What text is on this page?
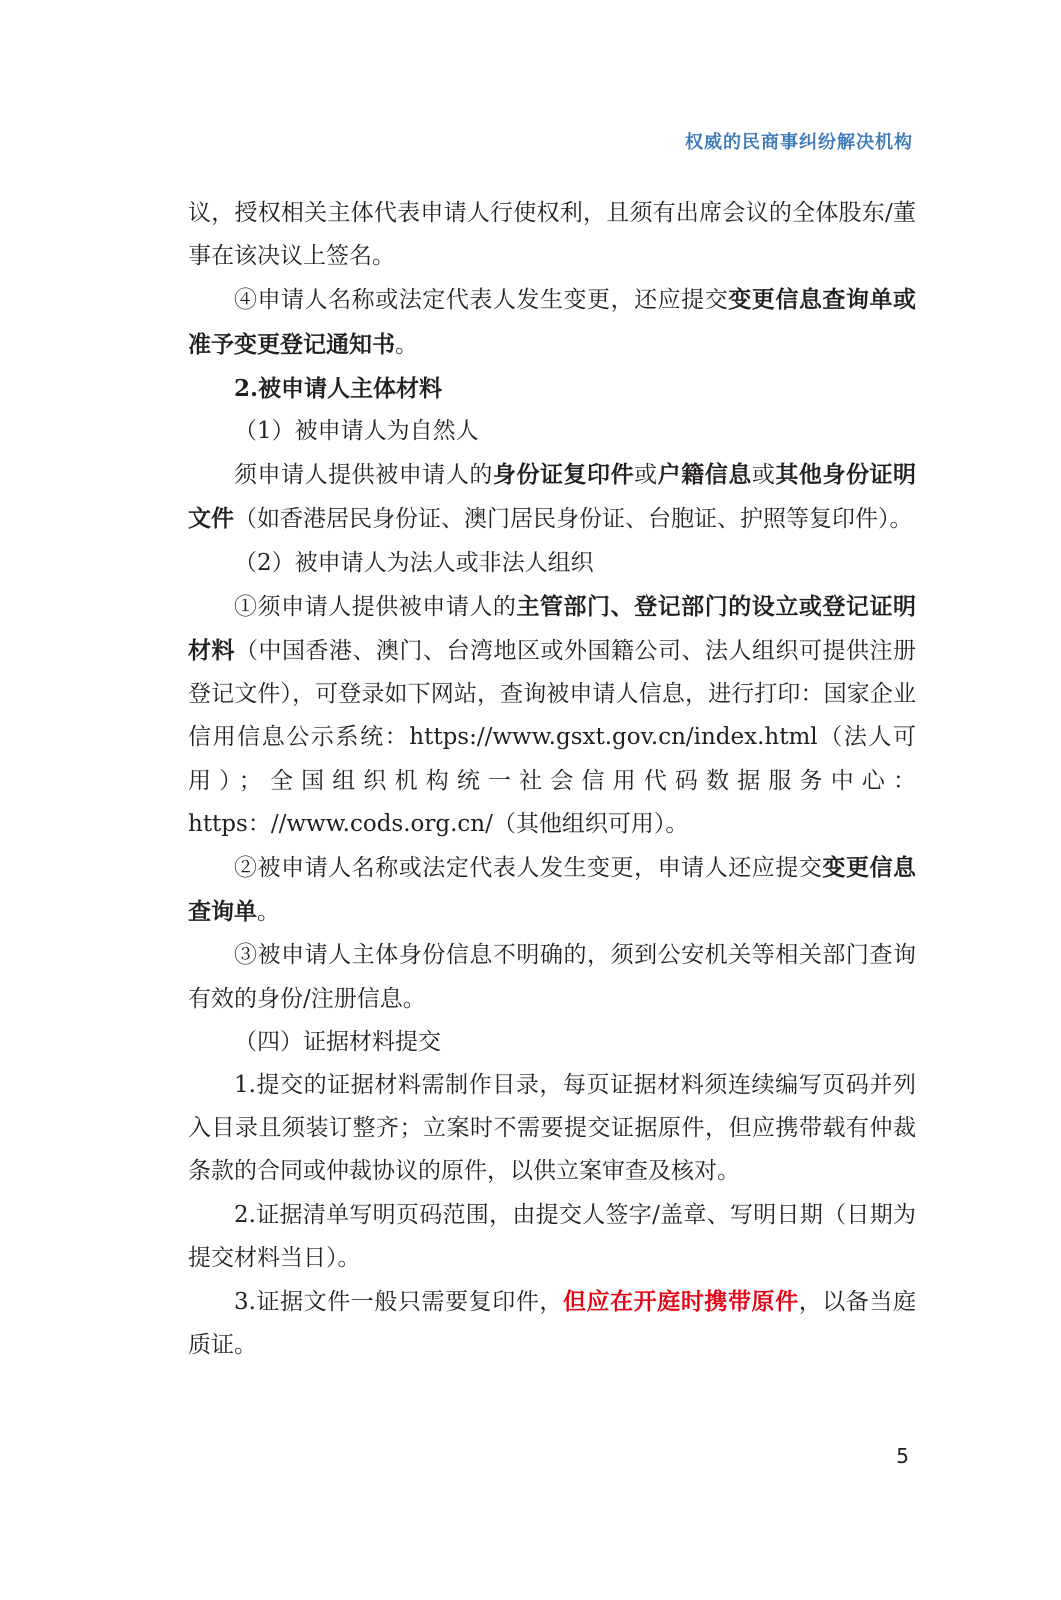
权威的民商事纠纷解决机构

议，授权相关主体代表申请人行使权利，且须有出席会议的全体股东/董事在该决议上签名。

④申请人名称或法定代表人发生变更，还应提交变更信息查询单或准予变更登记通知书。

2.被申请人主体材料

（1）被申请人为自然人

须申请人提供被申请人的身份证复印件或户籍信息或其他身份证明文件（如香港居民身份证、澳门居民身份证、台胞证、护照等复印件）。

（2）被申请人为法人或非法人组织

①须申请人提供被申请人的主管部门、登记部门的设立或登记证明材料（中国香港、澳门、台湾地区或外国籍公司、法人组织可提供注册登记文件），可登录如下网站，查询被申请人信息，进行打印：国家企业信用信息公示系统：https://www.gsxt.gov.cn/index.html（法人可用）；全国组织机构统一社会信用代码数据服务中心：https：//www.cods.org.cn/（其他组织可用）。

②被申请人名称或法定代表人发生变更，申请人还应提交变更信息查询单。

③被申请人主体身份信息不明确的，须到公安机关等相关部门查询有效的身份/注册信息。

（四）证据材料提交

1.提交的证据材料需制作目录，每页证据材料须连续编写页码并列入目录且须装订整齐；立案时不需要提交证据原件，但应携带载有仲裁条款的合同或仲裁协议的原件，以供立案审查及核对。

2.证据清单写明页码范围，由提交人签字/盖章、写明日期（日期为提交材料当日）。

3.证据文件一般只需要复印件，但应在开庭时携带原件，以备当庭质证。

5
